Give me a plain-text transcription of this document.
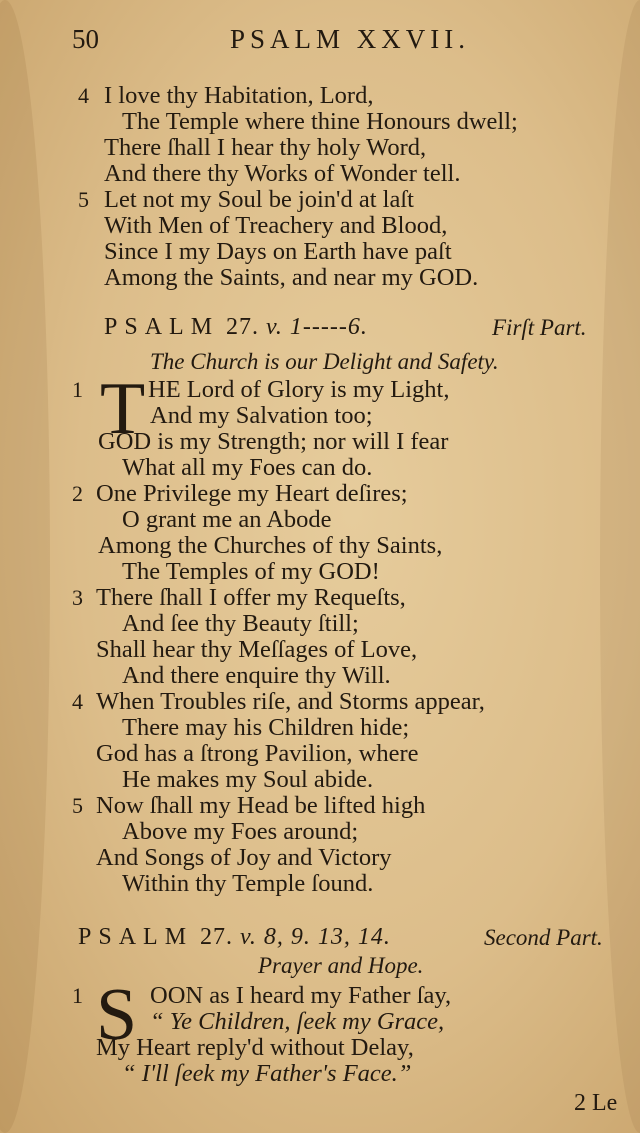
50	PSALM XXVII.
4 I love thy Habitation, Lord,
The Temple where thine Honours dwell;
There ſhall I hear thy holy Word,
And there thy Works of Wonder tell.
5 Let not my Soul be join'd at laſt
With Men of Treachery and Blood,
Since I my Days on Earth have paſt
Among the Saints, and near my GOD.
PSALM 27. v. 1-----6.	Firſt Part.
The Church is our Delight and Safety.
1 T HE Lord of Glory is my Light,
And my Salvation too;
GOD is my Strength; nor will I fear
What all my Foes can do.
2 One Privilege my Heart deſires;
O grant me an Abode
Among the Churches of thy Saints,
The Temples of my GOD!
3 There ſhall I offer my Requeſts,
And ſee thy Beauty ſtill;
Shall hear thy Meſſages of Love,
And there enquire thy Will.
4 When Troubles riſe, and Storms appear,
There may his Children hide;
God has a ſtrong Pavilion, where
He makes my Soul abide.
5 Now ſhall my Head be lifted high
Above my Foes around;
And Songs of Joy and Victory
Within thy Temple ſound.
PSALM 27. v. 8, 9. 13, 14.	Second Part.
Prayer and Hope.
1 S OON as I heard my Father ſay,
“ Ye Children, ſeek my Grace,
My Heart reply'd without Delay,
“ I'll ſeek my Father's Face.”
2 Le
